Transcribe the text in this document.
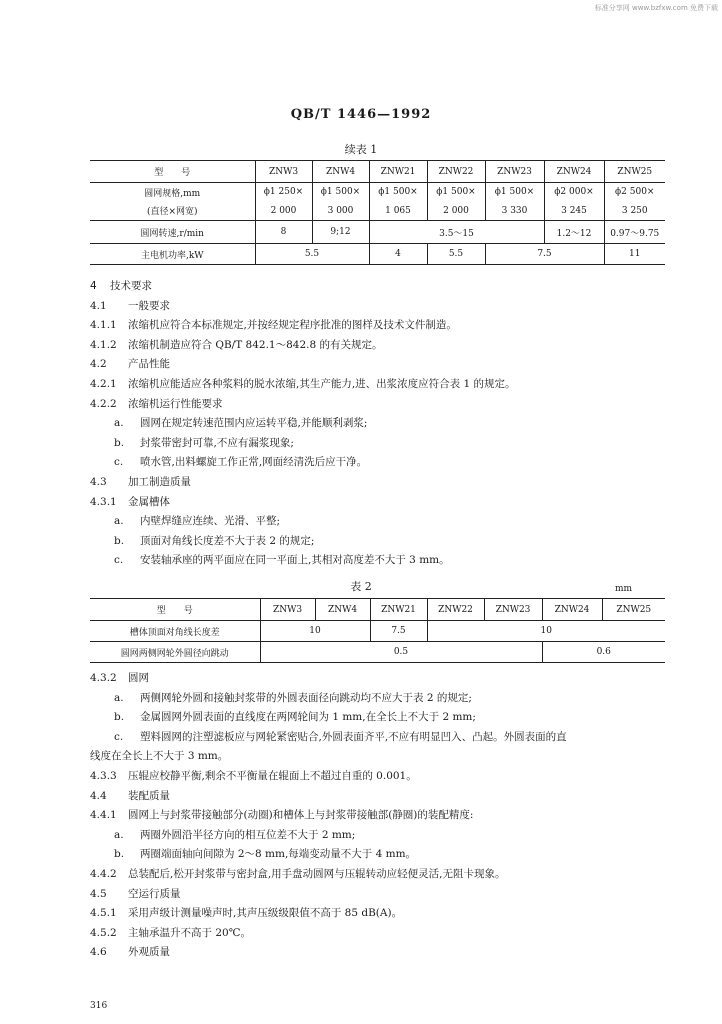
标准分享网 www.bzfxw.com 免费下载
QB/T 1446—1992
续表 1
型　　号	ZNW3	ZNW4	ZNW21	ZNW22	ZNW23	ZNW24	ZNW25
圆网规格,mm	ϕ1 250×	ϕ1 500×	ϕ1 500×	ϕ1 500×	ϕ1 500×	ϕ2 000×	ϕ2 500×
(直径×网宽)	2 000	3 000	1 065	2 000	3 330	3 245	3 250
圆网转速,r/min	8	9;12	3.5～15			1.2～12	0.97～9.75
主电机功率,kW	5.5		4	5.5	7.5		11
4 技术要求
4.1 一般要求
4.1.1 浓缩机应符合本标准规定,并按经规定程序批准的图样及技术文件制造。
4.1.2 浓缩机制造应符合 QB/T 842.1～842.8 的有关规定。
4.2 产品性能
4.2.1 浓缩机应能适应各种浆料的脱水浓缩,其生产能力,进、出浆浓度应符合表 1 的规定。
4.2.2 浓缩机运行性能要求
a. 圆网在规定转速范围内应运转平稳,并能顺利剥浆;
b. 封浆带密封可靠,不应有漏浆现象;
c. 喷水管,出料螺旋工作正常,网面经清洗后应干净。
4.3 加工制造质量
4.3.1 金属槽体
a. 内壁焊缝应连续、光滑、平整;
b. 顶面对角线长度差不大于表 2 的规定;
c. 安装轴承座的两平面应在同一平面上,其相对高度差不大于 3 mm。
表 2	mm
型　　号	ZNW3	ZNW4	ZNW21	ZNW22	ZNW23	ZNW24	ZNW25
槽体顶面对角线长度差	10		7.5	10			
圆网两侧网轮外圆径向跳动	0.5					0.6	
4.3.2 圆网
a. 两侧网轮外圆和接触封浆带的外圆表面径向跳动均不应大于表 2 的规定;
b. 金属圆网外圆表面的直线度在两网轮间为 1 mm,在全长上不大于 2 mm;
c. 塑料圆网的注塑滤板应与网轮紧密贴合,外圆表面齐平,不应有明显凹入、凸起。外圆表面的直
线度在全长上不大于 3 mm。
4.3.3 压辊应校静平衡,剩余不平衡量在辊面上不超过自重的 0.001。
4.4 装配质量
4.4.1 圆网上与封浆带接触部分(动圈)和槽体上与封浆带接触部(静圈)的装配精度:
a. 两圈外圆沿半径方向的相互位差不大于 2 mm;
b. 两圈端面轴向间隙为 2～8 mm,每端变动量不大于 4 mm。
4.4.2 总装配后,松开封浆带与密封盒,用手盘动圆网与压辊转动应轻便灵活,无阻卡现象。
4.5 空运行质量
4.5.1 采用声级计测量噪声时,其声压级级限值不高于 85 dB(A)。
4.5.2 主轴承温升不高于 20℃。
4.6 外观质量
316
